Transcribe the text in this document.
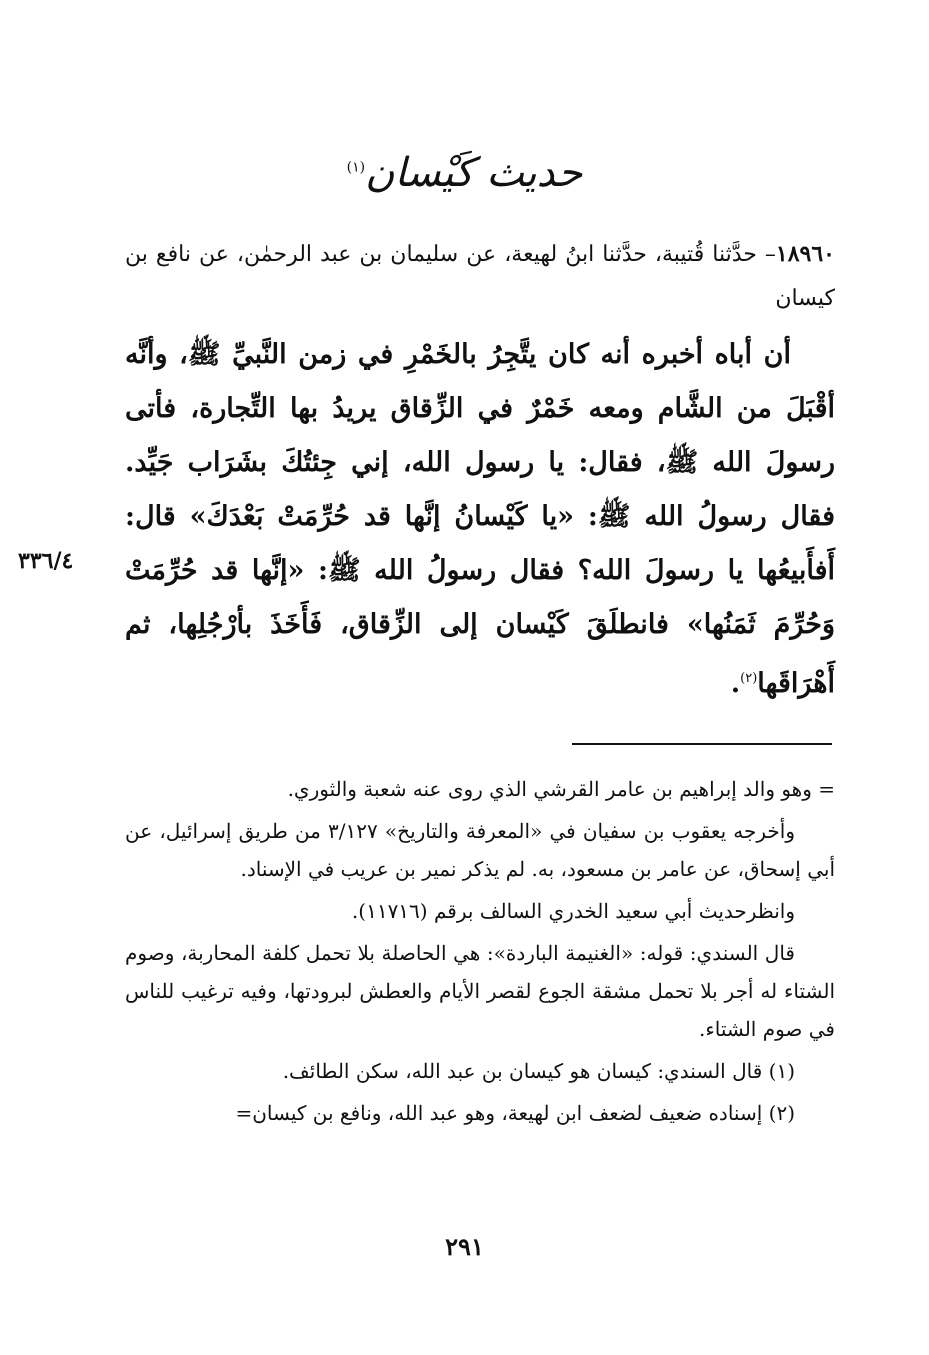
حديث كَيْسان$^{(١)}$
١٨٩٦٠– حدَّثنا قُتيبة، حدَّثنا ابنُ لهيعة، عن سليمان بن عبد الرحمٰن، عن نافع بن كيسان

أن أباه أخبره أنه كان يتَّجِرُ بالخَمْرِ في زمن النَّبيِّ ﷺ، وأنَّه أقْبَلَ من الشَّام ومعه خَمْرٌ في الزِّقاق يريدُ بها التِّجارة، فأتى رسولَ الله ﷺ، فقال: يا رسول الله، إني جِئتُكَ بشَرَاب جَيِّد. فقال رسولُ الله ﷺ: «يا كَيْسانُ إنَّها قد حُرِّمَتْ بَعْدَكَ» قال: أَفأَبيعُها يا رسولَ الله؟ فقال رسولُ الله ﷺ: «إنَّها قد حُرِّمَتْ وَحُرِّمَ ثَمَنُها» فانطلَقَ كَيْسان إلى الزِّقاق، فَأَخَذَ بأرْجُلِها، ثم أَهْرَاقَها$^{(٢)}$.

٣٣٦/٤

= وهو والد إبراهيم بن عامر القرشي الذي روى عنه شعبة والثوري.

وأخرجه يعقوب بن سفيان في «المعرفة والتاريخ» ٣/١٢٧ من طريق إسرائيل، عن أبي إسحاق، عن عامر بن مسعود، به. لم يذكر نمير بن عريب في الإسناد.

وانظرحديث أبي سعيد الخدري السالف برقم (١١٧١٦).

قال السندي: قوله: «الغنيمة الباردة»: هي الحاصلة بلا تحمل كلفة المحاربة، وصوم الشتاء له أجر بلا تحمل مشقة الجوع لقصر الأيام والعطش لبرودتها، وفيه ترغيب للناس في صوم الشتاء.

(١) قال السندي: كيسان هو كيسان بن عبد الله، سكن الطائف.

(٢) إسناده ضعيف لضعف ابن لهيعة، وهو عبد الله، ونافع بن كيسان=

٢٩١
